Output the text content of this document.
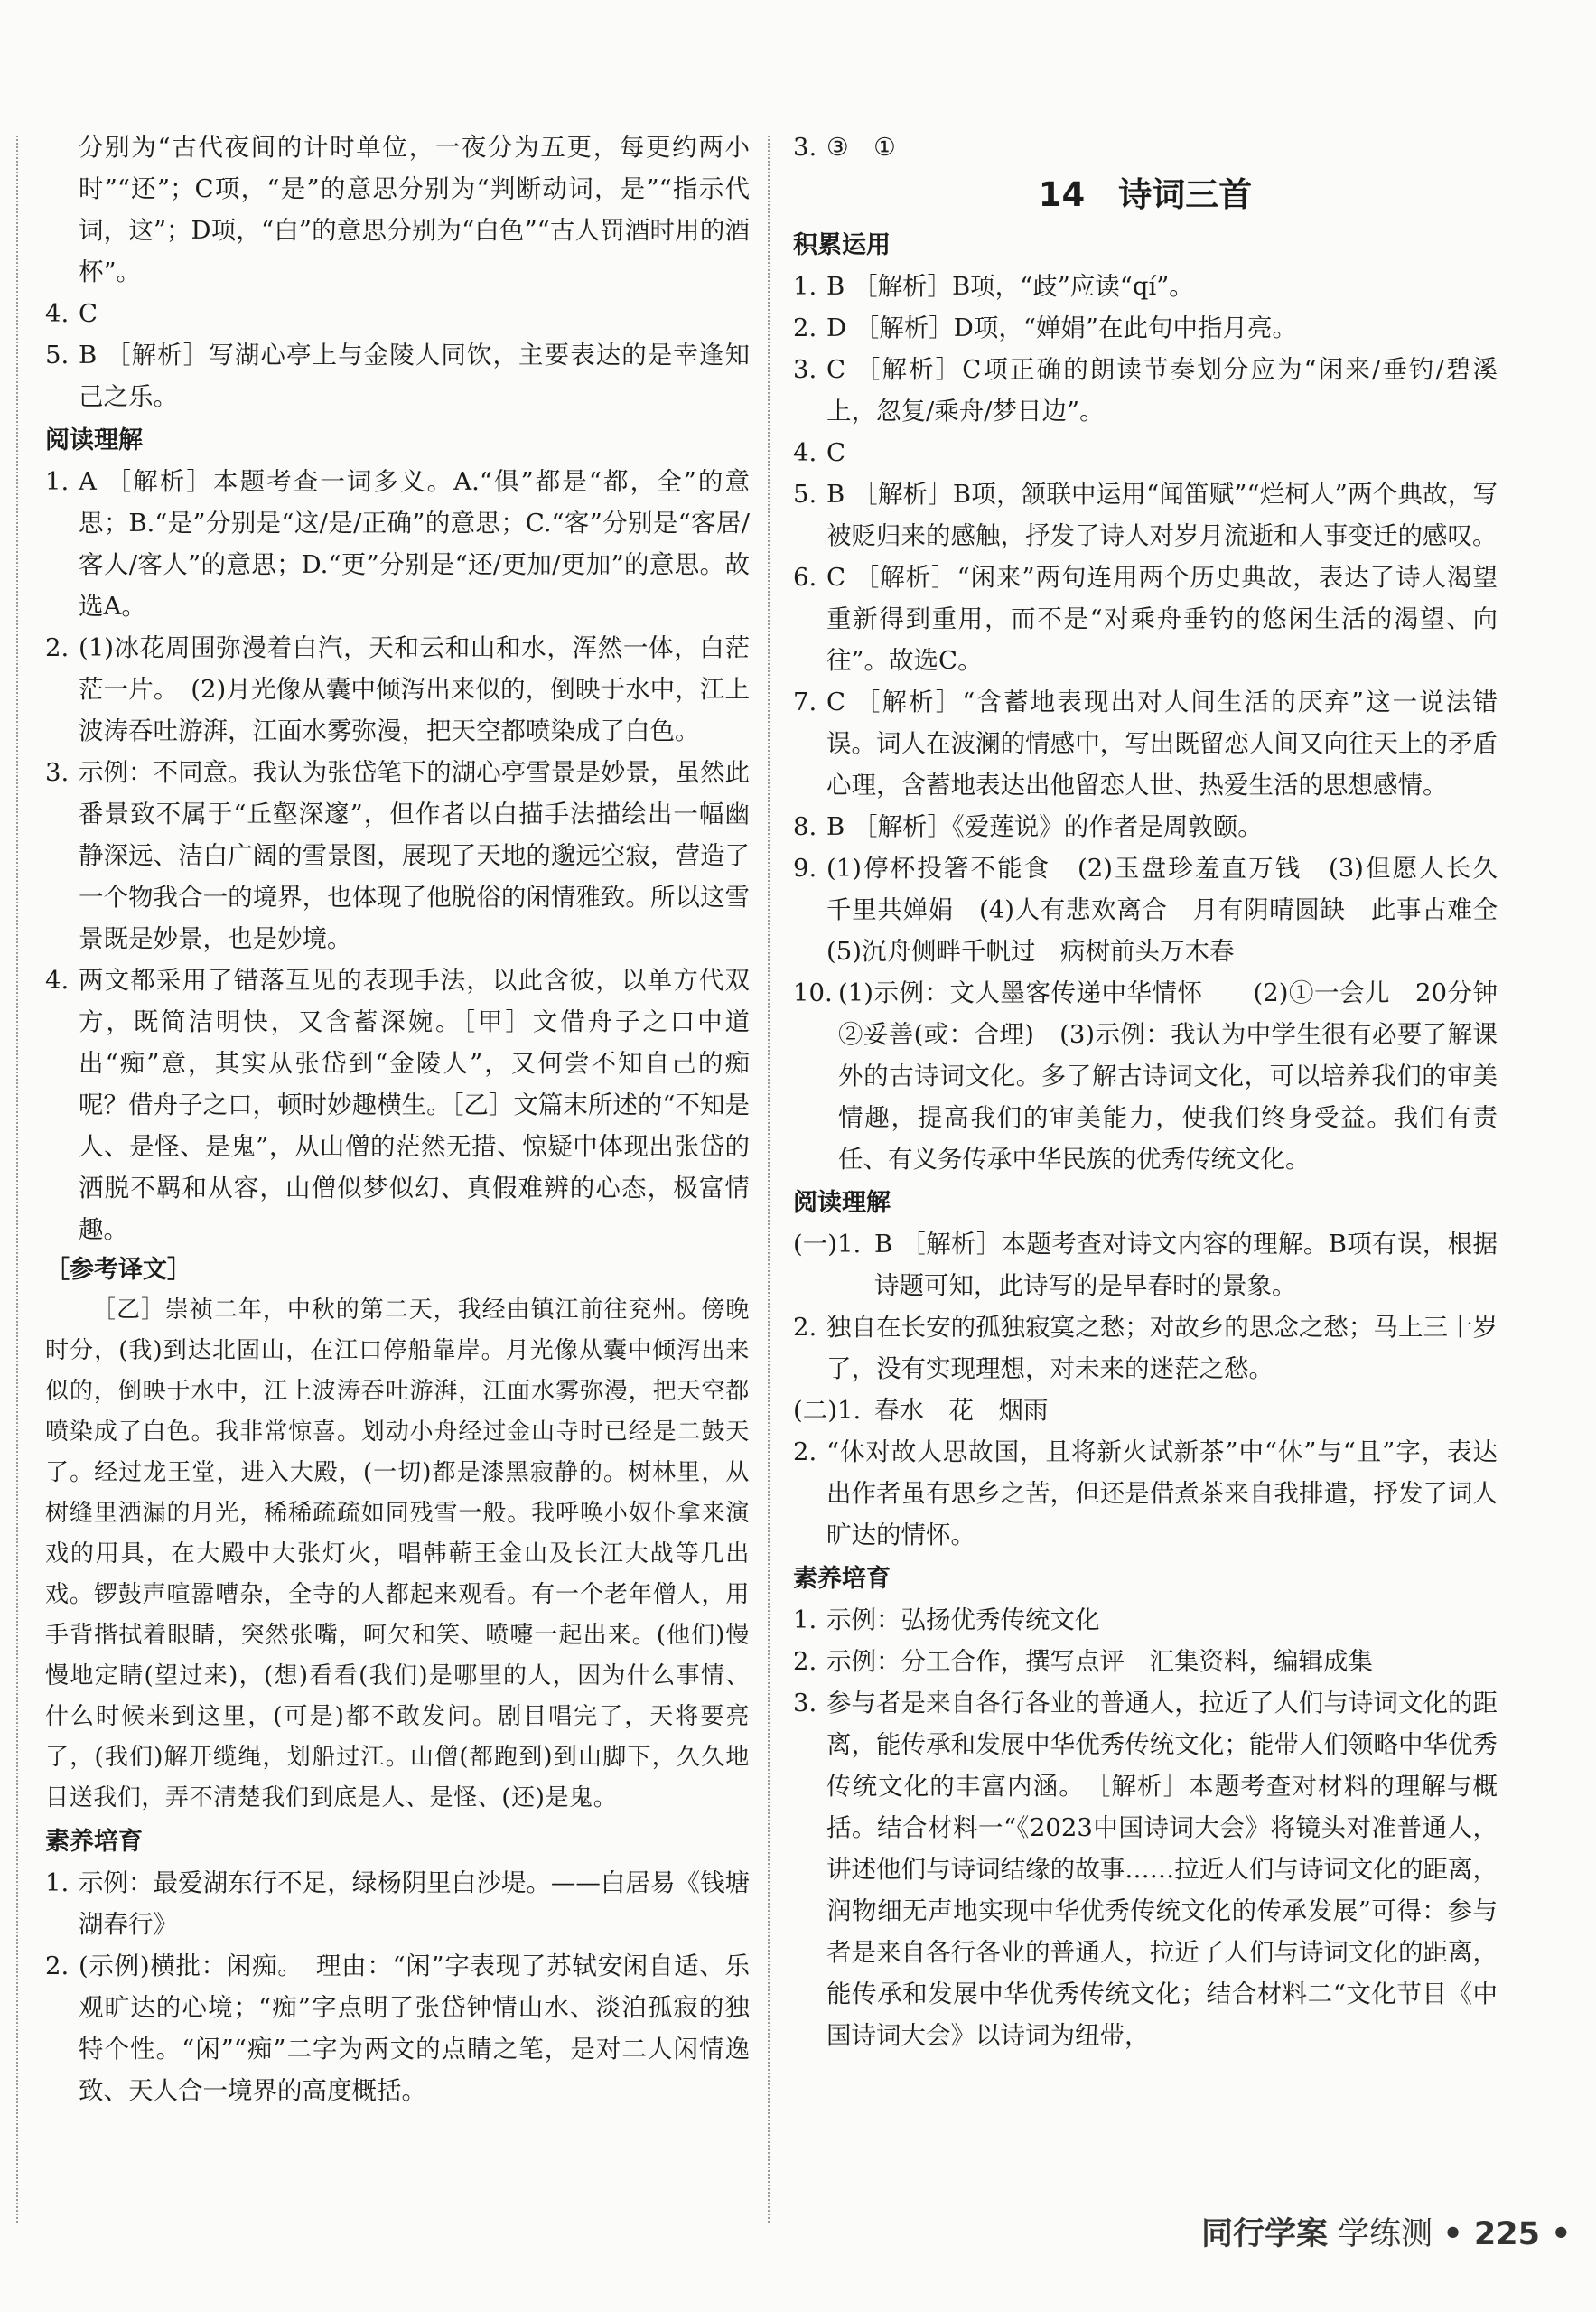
分别为“古代夜间的计时单位，一夜分为五更，每更约两小时”“还”；C项，“是”的意思分别为“判断动词，是”“指示代词，这”；D项，“白”的意思分别为“白色”“古人罚酒时用的酒杯”。
4. C
5. B ［解析］写湖心亭上与金陵人同饮，主要表达的是幸逢知己之乐。
阅读理解
1. A ［解析］本题考查一词多义。A.“俱”都是“都，全”的意思；B.“是”分别是“这/是/正确”的意思；C.“客”分别是“客居/客人/客人”的意思；D.“更”分别是“还/更加/更加”的意思。故选A。
2. (1)冰花周围弥漫着白汽，天和云和山和水，浑然一体，白茫茫一片。　(2)月光像从囊中倾泻出来似的，倒映于水中，江上波涛吞吐游湃，江面水雾弥漫，把天空都喷染成了白色。
3. 示例：不同意。我认为张岱笔下的湖心亭雪景是妙景，虽然此番景致不属于“丘壑深邃”，但作者以白描手法描绘出一幅幽静深远、洁白广阔的雪景图，展现了天地的邈远空寂，营造了一个物我合一的境界，也体现了他脱俗的闲情雅致。所以这雪景既是妙景，也是妙境。
4. 两文都采用了错落互见的表现手法，以此含彼，以单方代双方，既简洁明快，又含蓄深婉。［甲］文借舟子之口中道出“痴”意，其实从张岱到“金陵人”，又何尝不知自己的痴呢？借舟子之口，顿时妙趣横生。［乙］文篇末所述的“不知是人、是怪、是鬼”，从山僧的茫然无措、惊疑中体现出张岱的洒脱不羁和从容，山僧似梦似幻、真假难辨的心态，极富情趣。
［参考译文］
［乙］崇祯二年，中秋的第二天，我经由镇江前往兖州。傍晚时分，(我)到达北固山，在江口停船靠岸。月光像从囊中倾泻出来似的，倒映于水中，江上波涛吞吐游湃，江面水雾弥漫，把天空都喷染成了白色。我非常惊喜。划动小舟经过金山寺时已经是二鼓天了。经过龙王堂，进入大殿，(一切)都是漆黑寂静的。树林里，从树缝里洒漏的月光，稀稀疏疏如同残雪一般。我呼唤小奴仆拿来演戏的用具，在大殿中大张灯火，唱韩蕲王金山及长江大战等几出戏。锣鼓声喧嚣嘈杂，全寺的人都起来观看。有一个老年僧人，用手背揩拭着眼睛，突然张嘴，呵欠和笑、喷嚏一起出来。(他们)慢慢地定睛(望过来)，(想)看看(我们)是哪里的人，因为什么事情、什么时候来到这里，(可是)都不敢发问。剧目唱完了，天将要亮了，(我们)解开缆绳，划船过江。山僧(都跑到)到山脚下，久久地目送我们，弄不清楚我们到底是人、是怪、(还)是鬼。
素养培育
1. 示例：最爱湖东行不足，绿杨阴里白沙堤。——白居易《钱塘湖春行》
2. (示例)横批：闲痴。　理由：“闲”字表现了苏轼安闲自适、乐观旷达的心境；“痴”字点明了张岱钟情山水、淡泊孤寂的独特个性。“闲”“痴”二字为两文的点睛之笔，是对二人闲情逸致、天人合一境界的高度概括。
3. ③　①
14　诗词三首
积累运用
1. B ［解析］B项，“歧”应读“qí”。
2. D ［解析］D项，“婵娟”在此句中指月亮。
3. C ［解析］C项正确的朗读节奏划分应为“闲来/垂钓/碧溪上，忽复/乘舟/梦日边”。
4. C
5. B ［解析］B项，颔联中运用“闻笛赋”“烂柯人”两个典故，写被贬归来的感触，抒发了诗人对岁月流逝和人事变迁的感叹。
6. C ［解析］“闲来”两句连用两个历史典故，表达了诗人渴望重新得到重用，而不是“对乘舟垂钓的悠闲生活的渴望、向往”。故选C。
7. C ［解析］“含蓄地表现出对人间生活的厌弃”这一说法错误。词人在波澜的情感中，写出既留恋人间又向往天上的矛盾心理，含蓄地表达出他留恋人世、热爱生活的思想感情。
8. B ［解析］《爱莲说》的作者是周敦颐。
9. (1)停杯投箸不能食　(2)玉盘珍羞直万钱　(3)但愿人长久　千里共婵娟　(4)人有悲欢离合　月有阴晴圆缺　此事古难全　(5)沉舟侧畔千帆过　病树前头万木春
10. (1)示例：文人墨客传递中华情怀　　(2)①一会儿　20分钟　②妥善(或：合理)　(3)示例：我认为中学生很有必要了解课外的古诗词文化。多了解古诗词文化，可以培养我们的审美情趣，提高我们的审美能力，使我们终身受益。我们有责任、有义务传承中华民族的优秀传统文化。
阅读理解
(一)1. B ［解析］本题考查对诗文内容的理解。B项有误，根据诗题可知，此诗写的是早春时的景象。
2. 独自在长安的孤独寂寞之愁；对故乡的思念之愁；马上三十岁了，没有实现理想，对未来的迷茫之愁。
(二)1. 春水　花　烟雨
2. “休对故人思故国，且将新火试新茶”中“休”与“且”字，表达出作者虽有思乡之苦，但还是借煮茶来自我排遣，抒发了词人旷达的情怀。
素养培育
1. 示例：弘扬优秀传统文化
2. 示例：分工合作，撰写点评　汇集资料，编辑成集
3. 参与者是来自各行各业的普通人，拉近了人们与诗词文化的距离，能传承和发展中华优秀传统文化；能带人们领略中华优秀传统文化的丰富内涵。　［解析］本题考查对材料的理解与概括。结合材料一“《2023中国诗词大会》将镜头对准普通人，讲述他们与诗词结缘的故事……拉近人们与诗词文化的距离，润物细无声地实现中华优秀传统文化的传承发展”可得：参与者是来自各行各业的普通人，拉近了人们与诗词文化的距离，能传承和发展中华优秀传统文化；结合材料二“文化节目《中国诗词大会》以诗词为纽带，
同行学案 学练测 • 225 •
